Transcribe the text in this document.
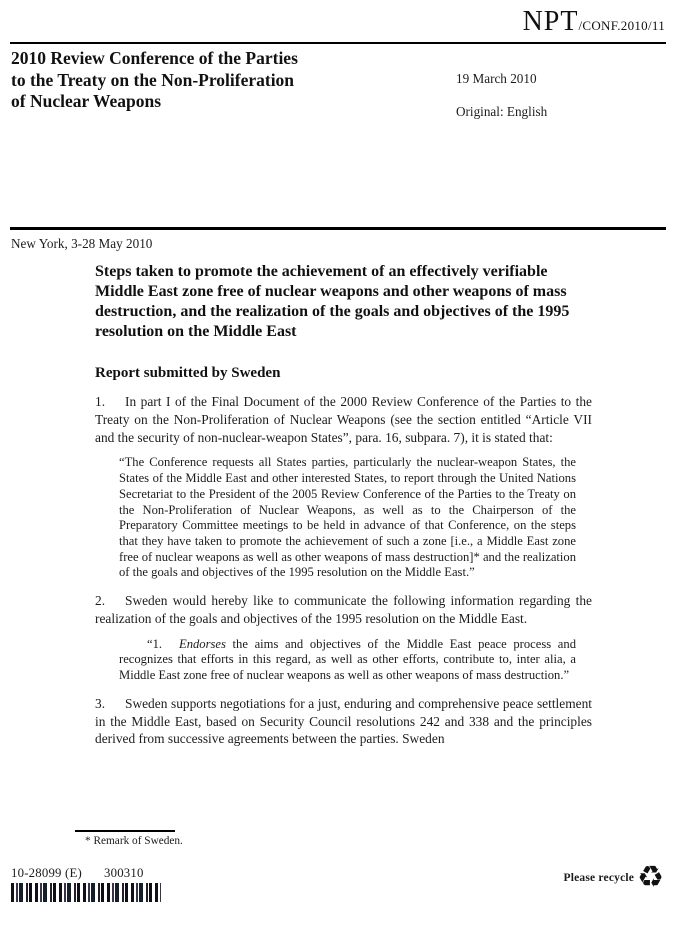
NPT/CONF.2010/11
2010 Review Conference of the Parties
to the Treaty on the Non-Proliferation
of Nuclear Weapons
19 March 2010
Original: English
New York, 3-28 May 2010
Steps taken to promote the achievement of an effectively verifiable Middle East zone free of nuclear weapons and other weapons of mass destruction, and the realization of the goals and objectives of the 1995 resolution on the Middle East
Report submitted by Sweden

1. In part I of the Final Document of the 2000 Review Conference of the Parties to the Treaty on the Non-Proliferation of Nuclear Weapons (see the section entitled “Article VII and the security of non-nuclear-weapon States”, para. 16, subpara. 7), it is stated that:

“The Conference requests all States parties, particularly the nuclear-weapon States, the States of the Middle East and other interested States, to report through the United Nations Secretariat to the President of the 2005 Review Conference of the Parties to the Treaty on the Non-Proliferation of Nuclear Weapons, as well as to the Chairperson of the Preparatory Committee meetings to be held in advance of that Conference, on the steps that they have taken to promote the achievement of such a zone [i.e., a Middle East zone free of nuclear weapons as well as other weapons of mass destruction]* and the realization of the goals and objectives of the 1995 resolution on the Middle East.”

2. Sweden would hereby like to communicate the following information regarding the realization of the goals and objectives of the 1995 resolution on the Middle East.

“1. Endorses the aims and objectives of the Middle East peace process and recognizes that efforts in this regard, as well as other efforts, contribute to, inter alia, a Middle East zone free of nuclear weapons as well as other weapons of mass destruction.”

3. Sweden supports negotiations for a just, enduring and comprehensive peace settlement in the Middle East, based on Security Council resolutions 242 and 338 and the principles derived from successive agreements between the parties. Sweden

* Remark of Sweden.
10-28099 (E) 300310	Please recycle ♻
